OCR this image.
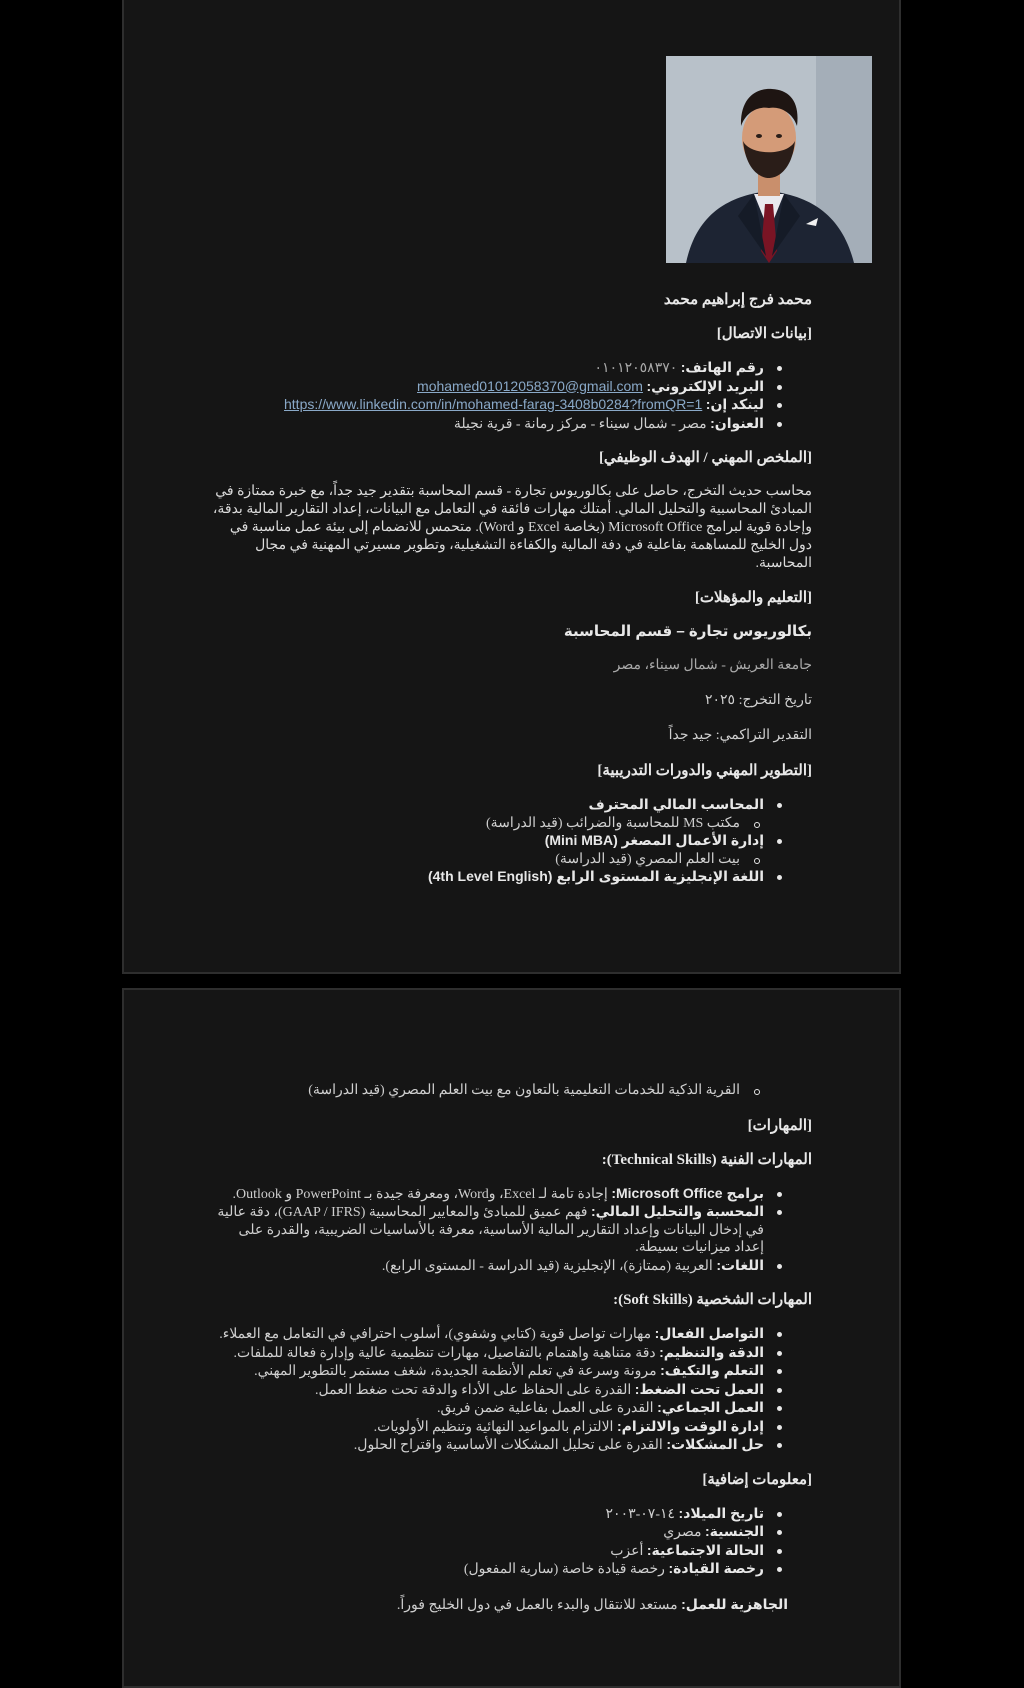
محمد فرج إبراهيم محمد

[بيانات الاتصال]

رقم الهاتف: ٠١٠١٢٠٥٨٣٧٠
البريد الإلكتروني: mohamed01012058370@gmail.com
لينكد إن: https://www.linkedin.com/in/mohamed-farag-3408b0284?fromQR=1
العنوان: مصر - شمال سيناء - مركز رمانة - قرية نجيلة

[الملخص المهني / الهدف الوظيفي]

محاسب حديث التخرج، حاصل على بكالوريوس تجارة - قسم المحاسبة بتقدير جيد جداً، مع خبرة ممتازة في المبادئ المحاسبية والتحليل المالي. أمتلك مهارات فائقة في التعامل مع البيانات، إعداد التقارير المالية بدقة، وإجادة قوية لبرامج Microsoft Office (بخاصة Excel و Word). متحمس للانضمام إلى بيئة عمل مناسبة في دول الخليج للمساهمة بفاعلية في دفة المالية والكفاءة التشغيلية، وتطوير مسيرتي المهنية في مجال المحاسبة.

[التعليم والمؤهلات]

بكالوريوس تجارة – قسم المحاسبة

جامعة العريش - شمال سيناء، مصر

تاريخ التخرج: ٢٠٢٥

التقدير التراكمي: جيد جداً

[التطوير المهني والدورات التدريبية]

المحاسب المالي المحترف
مكتب MS للمحاسبة والضرائب (قيد الدراسة)
إدارة الأعمال المصغر (Mini MBA)
بيت العلم المصري (قيد الدراسة)
اللغة الإنجليزية المستوى الرابع (4th Level English)
القرية الذكية للخدمات التعليمية بالتعاون مع بيت العلم المصري (قيد الدراسة)

[المهارات]

المهارات الفنية (Technical Skills):

برامج Microsoft Office: إجادة تامة لـ Excel، وWord، ومعرفة جيدة بـ PowerPoint و Outlook.
المحسبة والتحليل المالي: فهم عميق للمبادئ والمعايير المحاسبية (GAAP / IFRS)، دقة عالية في إدخال البيانات وإعداد التقارير المالية الأساسية، معرفة بالأساسيات الضريبية، والقدرة على إعداد ميزانيات بسيطة.
اللغات: العربية (ممتازة)، الإنجليزية (قيد الدراسة - المستوى الرابع).

المهارات الشخصية (Soft Skills):

التواصل الفعال: مهارات تواصل قوية (كتابي وشفوي)، أسلوب احترافي في التعامل مع العملاء.
الدقة والتنظيم: دقة متناهية واهتمام بالتفاصيل، مهارات تنظيمية عالية وإدارة فعالة للملفات.
التعلم والتكيف: مرونة وسرعة في تعلم الأنظمة الجديدة، شغف مستمر بالتطوير المهني.
العمل تحت الضغط: القدرة على الحفاظ على الأداء والدقة تحت ضغط العمل.
العمل الجماعي: القدرة على العمل بفاعلية ضمن فريق.
إدارة الوقت والالتزام: الالتزام بالمواعيد النهائية وتنظيم الأولويات.
حل المشكلات: القدرة على تحليل المشكلات الأساسية واقتراح الحلول.

[معلومات إضافية]

تاريخ الميلاد: ١٤-٠٧-٢٠٠٣
الجنسية: مصري
الحالة الاجتماعية: أعزب
رخصة القيادة: رخصة قيادة خاصة (سارية المفعول)

الجاهزية للعمل: مستعد للانتقال والبدء بالعمل في دول الخليج فوراً.
